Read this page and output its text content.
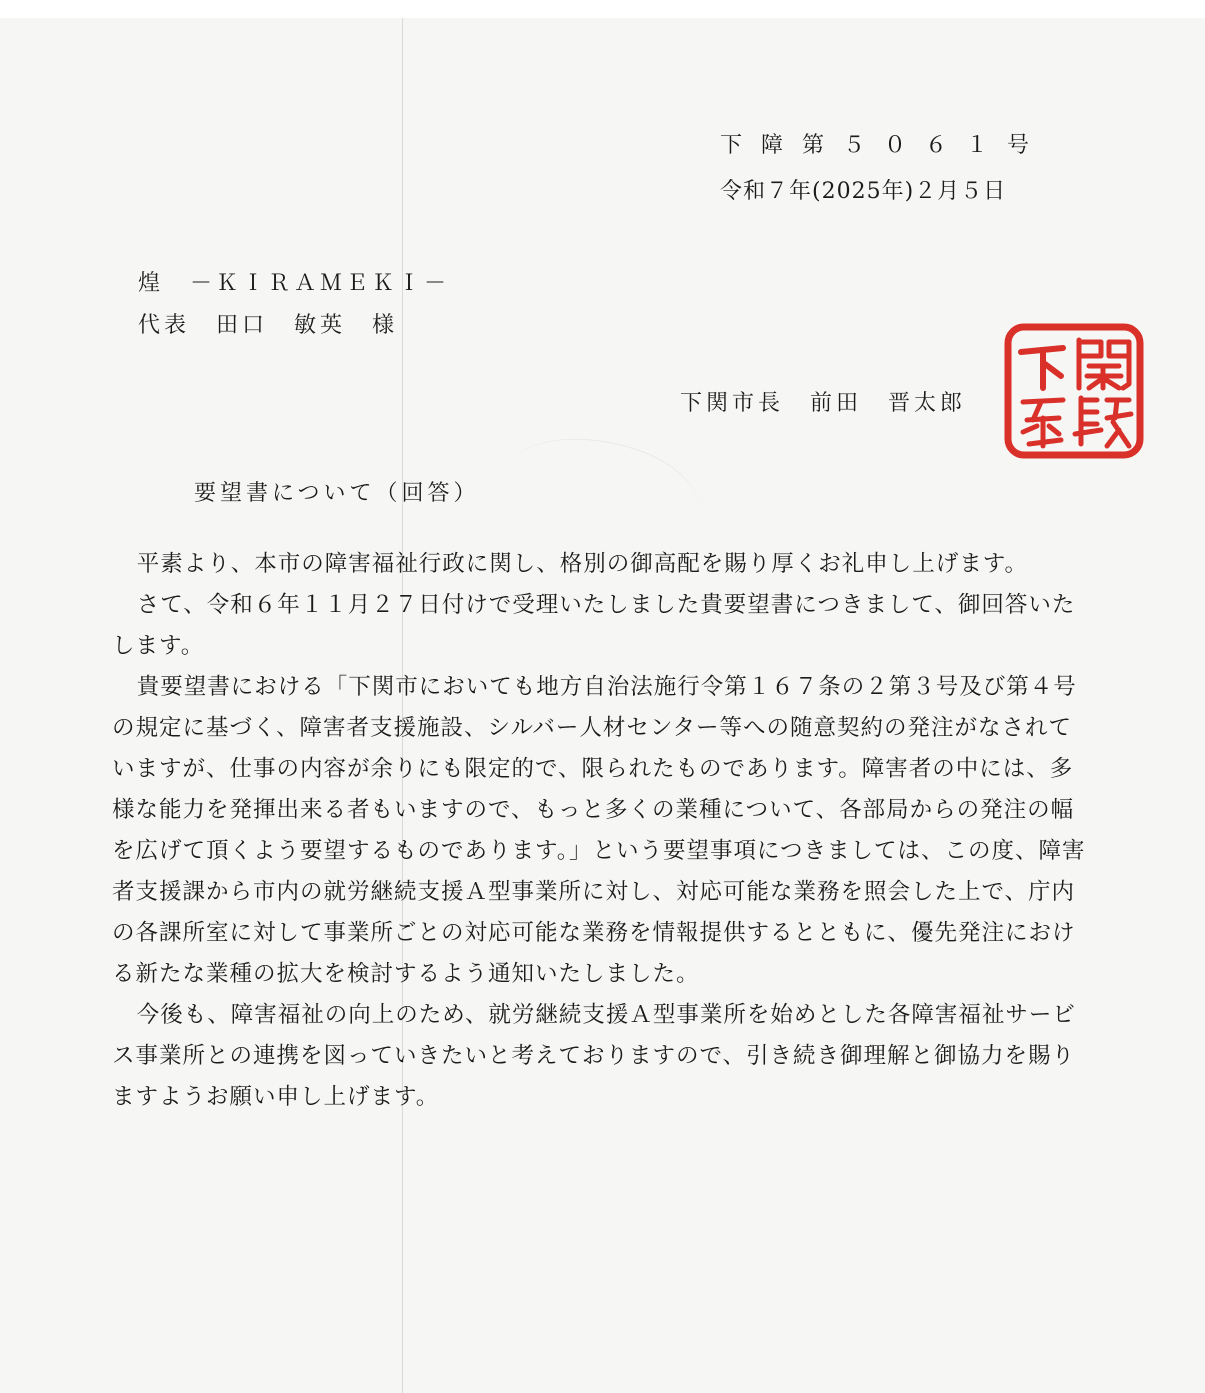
下 障 第 ５ ０ ６ １ 号
令和７年(2025年)２月５日
煌　－ＫＩＲＡＭＥＫＩ－
代表　田口　敏英　様
下関市長　前田　晋太郎
要望書について（回答）

平素より、本市の障害福祉行政に関し、格別の御高配を賜り厚くお礼申し上げます。

さて、令和６年１１月２７日付けで受理いたしました貴要望書につきまして、御回答いたします。

貴要望書における「下関市においても地方自治法施行令第１６７条の２第３号及び第４号の規定に基づく、障害者支援施設、シルバー人材センター等への随意契約の発注がなされていますが、仕事の内容が余りにも限定的で、限られたものであります。障害者の中には、多様な能力を発揮出来る者もいますので、もっと多くの業種について、各部局からの発注の幅を広げて頂くよう要望するものであります。」という要望事項につきましては、この度、障害者支援課から市内の就労継続支援Ａ型事業所に対し、対応可能な業務を照会した上で、庁内の各課所室に対して事業所ごとの対応可能な業務を情報提供するとともに、優先発注における新たな業種の拡大を検討するよう通知いたしました。

今後も、障害福祉の向上のため、就労継続支援Ａ型事業所を始めとした各障害福祉サービス事業所との連携を図っていきたいと考えておりますので、引き続き御理解と御協力を賜りますようお願い申し上げます。
